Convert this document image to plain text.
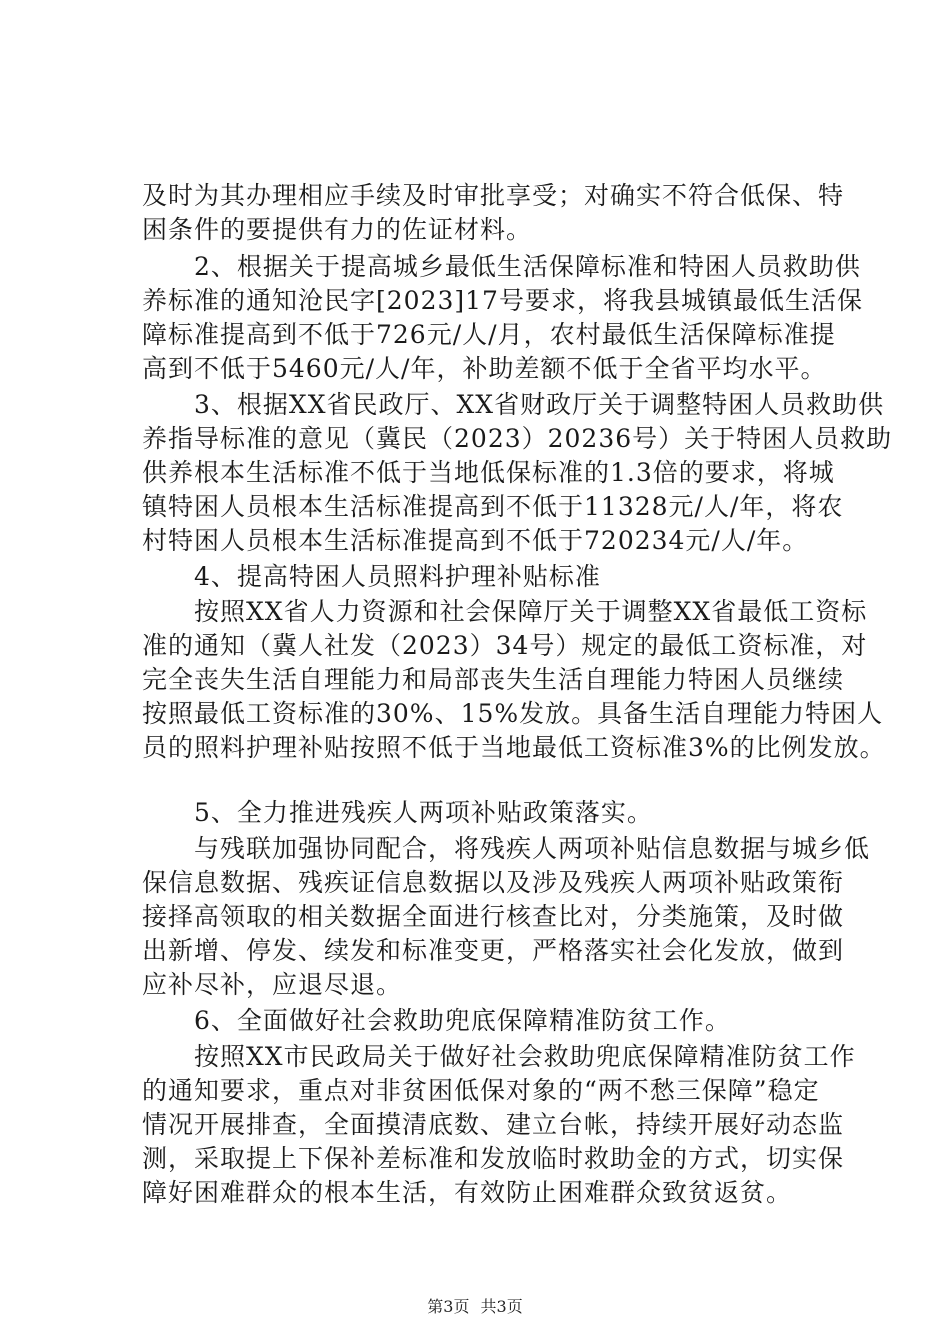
及时为其办理相应手续及时审批享受；对确实不符合低保、特
困条件的要提供有力的佐证材料。
　　2、根据关于提高城乡最低生活保障标准和特困人员救助供
养标准的通知沧民字[2023]17号要求，将我县城镇最低生活保
障标准提高到不低于726元/人/月，农村最低生活保障标准提
高到不低于5460元/人/年，补助差额不低于全省平均水平。
　　3、根据XX省民政厅、XX省财政厅关于调整特困人员救助供
养指导标准的意见（冀民（2023）20236号）关于特困人员救助
供养根本生活标准不低于当地低保标准的1.3倍的要求，将城
镇特困人员根本生活标准提高到不低于11328元/人/年，将农
村特困人员根本生活标准提高到不低于720234元/人/年。
　　4、提高特困人员照料护理补贴标准
　　按照XX省人力资源和社会保障厅关于调整XX省最低工资标
准的通知（冀人社发（2023）34号）规定的最低工资标准，对
完全丧失生活自理能力和局部丧失生活自理能力特困人员继续
按照最低工资标准的30%、15%发放。具备生活自理能力特困人
员的照料护理补贴按照不低于当地最低工资标准3%的比例发放。
　　5、全力推进残疾人两项补贴政策落实。
　　与残联加强协同配合，将残疾人两项补贴信息数据与城乡低
保信息数据、残疾证信息数据以及涉及残疾人两项补贴政策衔
接择高领取的相关数据全面进行核查比对，分类施策，及时做
出新增、停发、续发和标准变更，严格落实社会化发放，做到
应补尽补，应退尽退。
　　6、全面做好社会救助兜底保障精准防贫工作。
　　按照XX市民政局关于做好社会救助兜底保障精准防贫工作
的通知要求，重点对非贫困低保对象的“两不愁三保障”稳定
情况开展排查，全面摸清底数、建立台帐，持续开展好动态监
测，采取提上下保补差标准和发放临时救助金的方式，切实保
障好困难群众的根本生活，有效防止困难群众致贫返贫。
第3页 共3页
